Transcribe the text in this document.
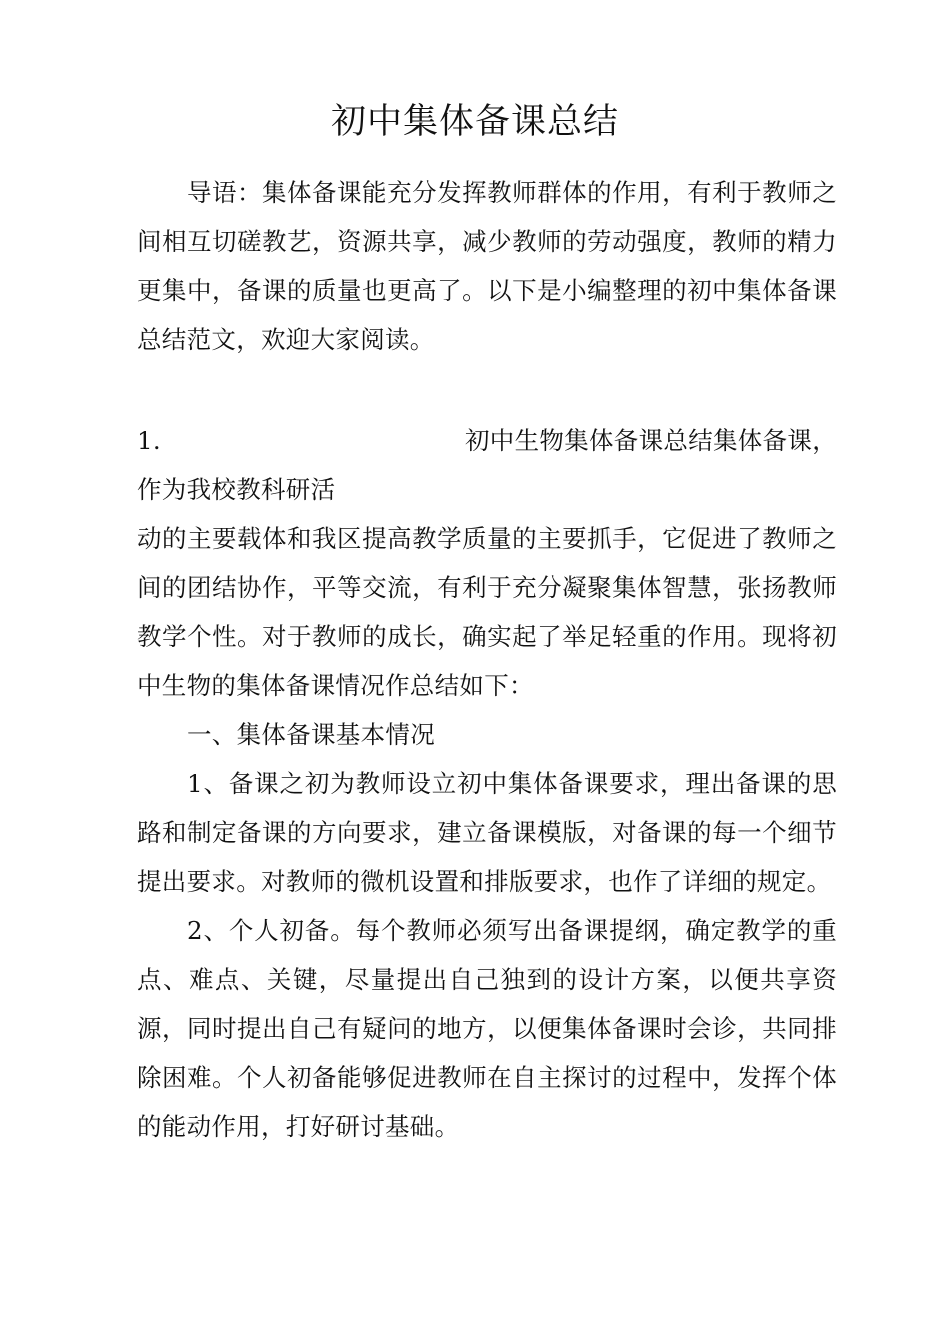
初中集体备课总结

导语：集体备课能充分发挥教师群体的作用，有利于教师之间相互切磋教艺，资源共享，减少教师的劳动强度，教师的精力更集中，备课的质量也更高了。以下是小编整理的初中集体备课总结范文，欢迎大家阅读。

1.	初中生物集体备课总结集体备课，

作为我校教科研活

动的主要载体和我区提高教学质量的主要抓手，它促进了教师之间的团结协作，平等交流，有利于充分凝聚集体智慧，张扬教师教学个性。对于教师的成长，确实起了举足轻重的作用。现将初中生物的集体备课情况作总结如下：

一、集体备课基本情况

1、备课之初为教师设立初中集体备课要求，理出备课的思路和制定备课的方向要求，建立备课模版，对备课的每一个细节提出要求。对教师的微机设置和排版要求，也作了详细的规定。

2、个人初备。每个教师必须写出备课提纲，确定教学的重点、难点、关键，尽量提出自己独到的设计方案，以便共享资源，同时提出自己有疑问的地方，以便集体备课时会诊，共同排除困难。个人初备能够促进教师在自主探讨的过程中，发挥个体的能动作用，打好研讨基础。
